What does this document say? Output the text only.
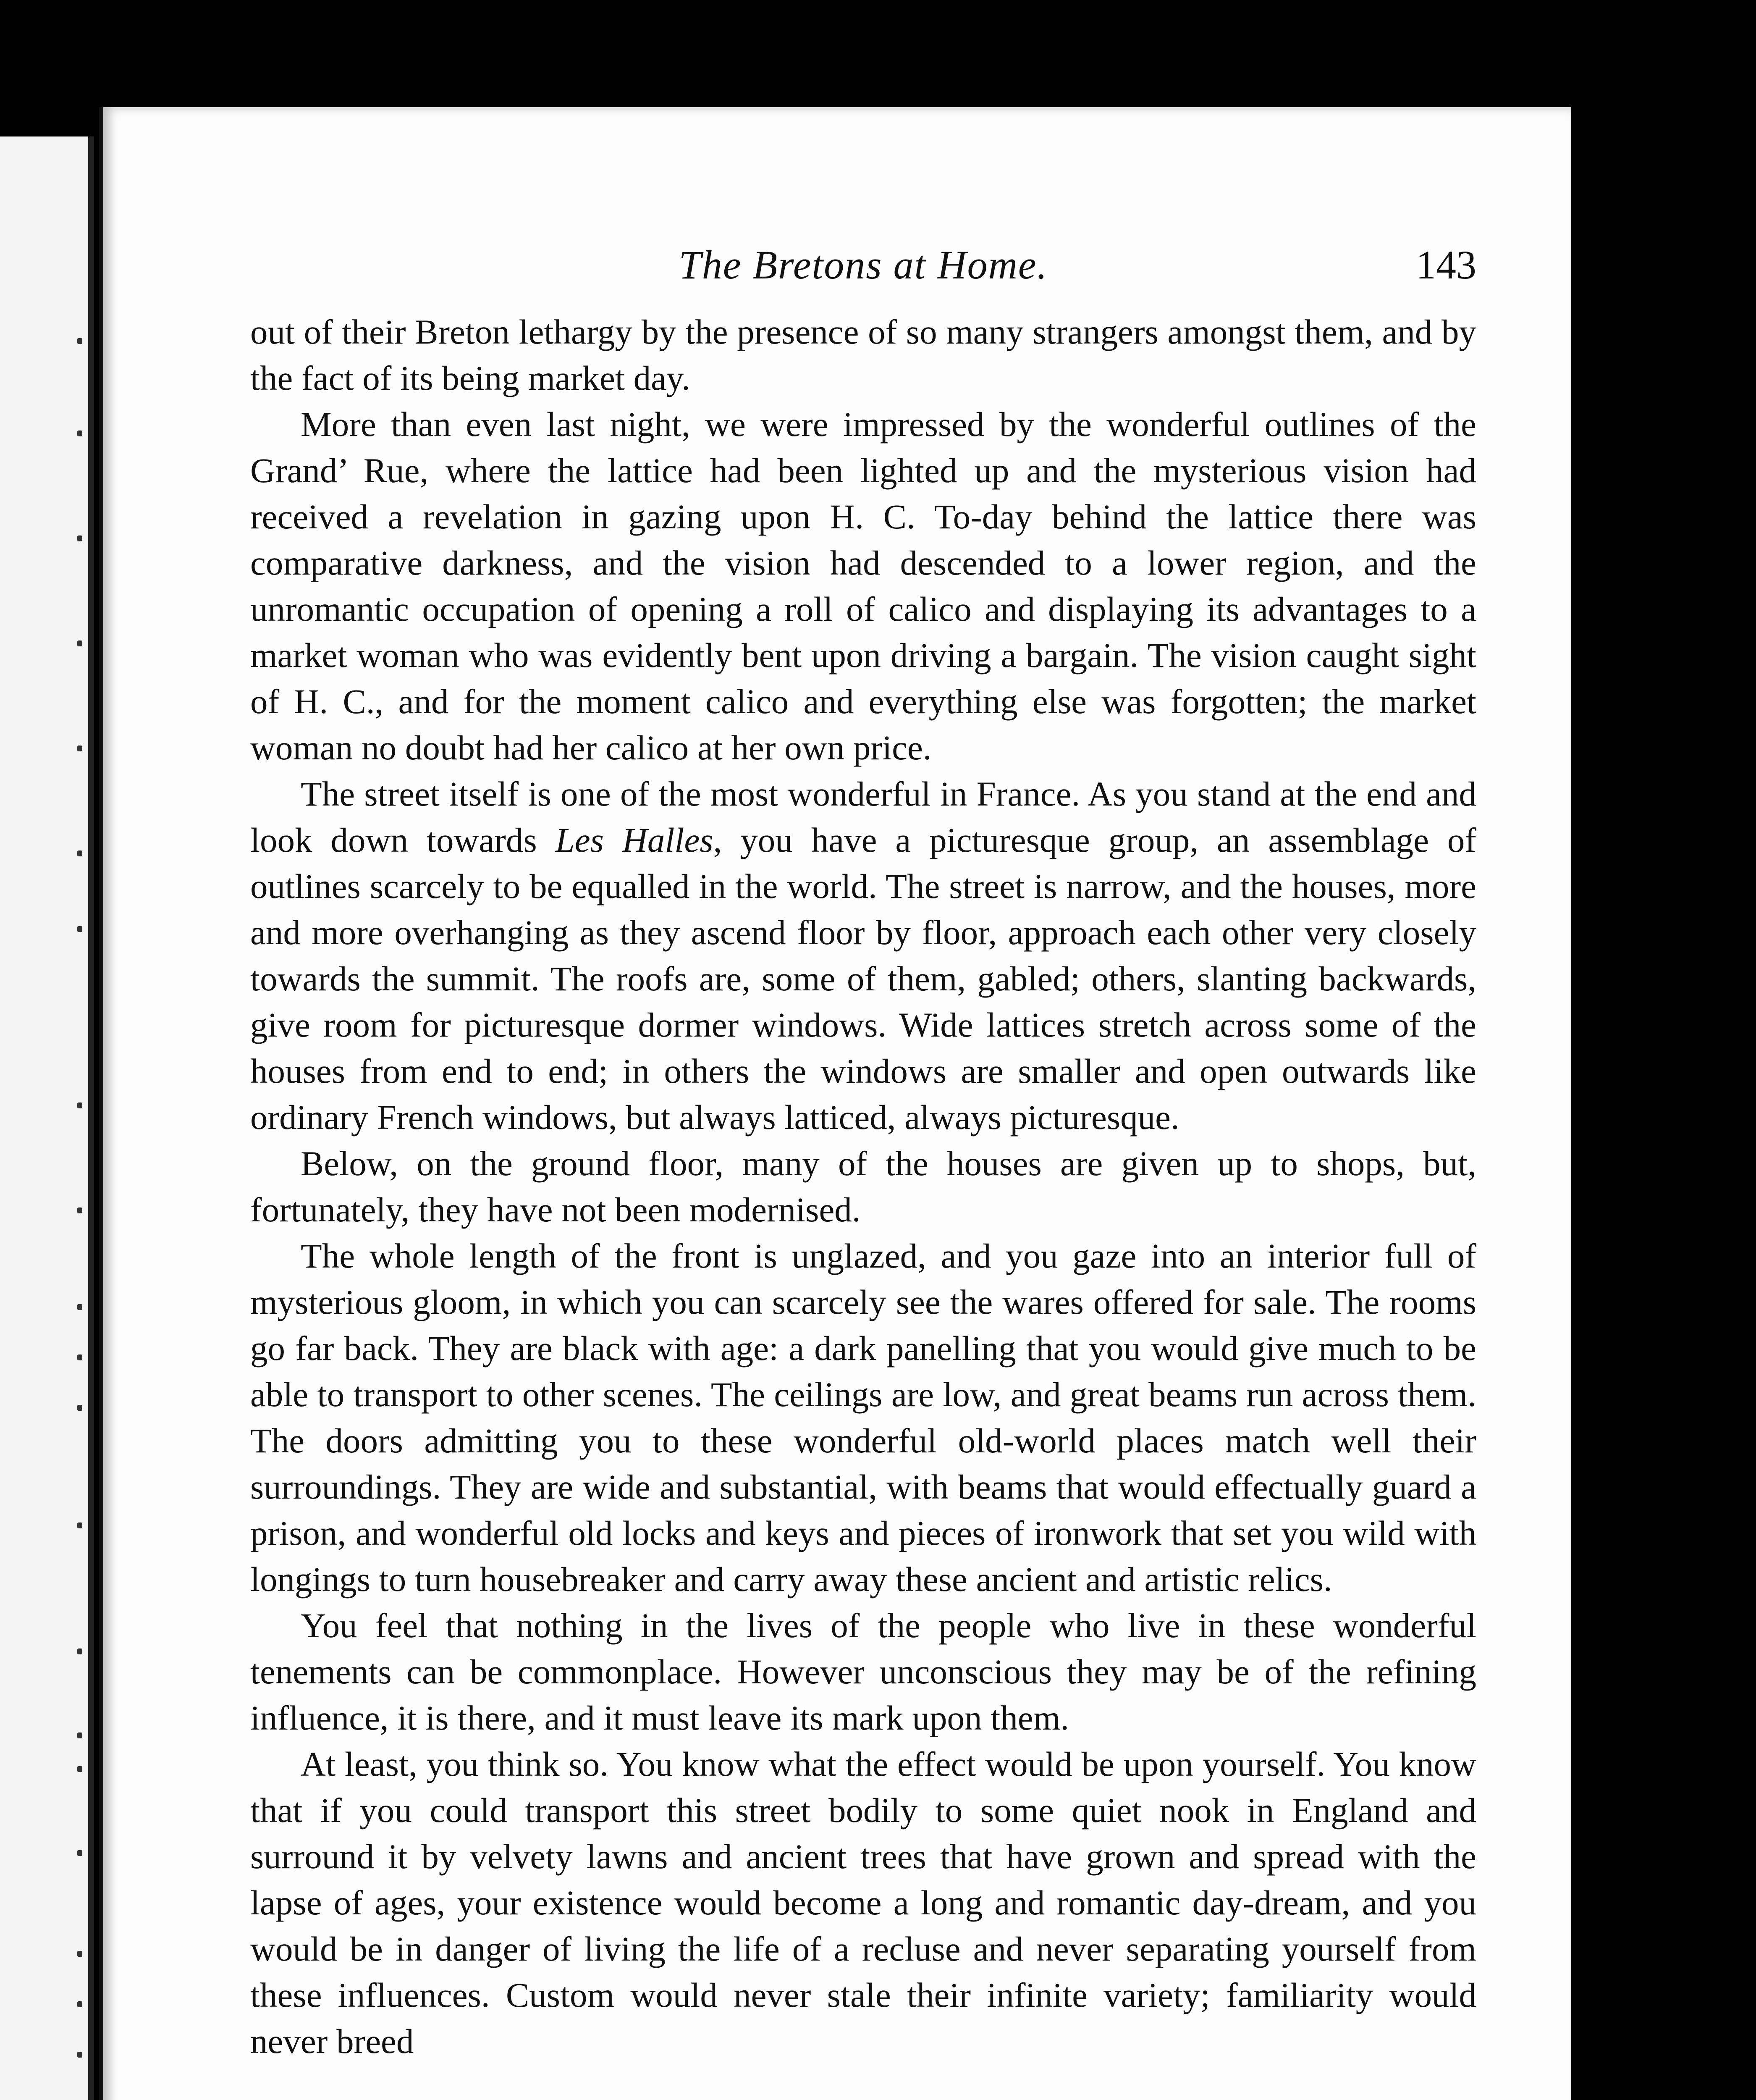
The Bretons at Home.	143

out of their Breton lethargy by the presence of so many strangers amongst them, and by the fact of its being market day.

More than even last night, we were impressed by the wonderful outlines of the Grand’ Rue, where the lattice had been lighted up and the mysterious vision had received a revelation in gazing upon H. C. To-day behind the lattice there was comparative darkness, and the vision had descended to a lower region, and the unromantic occupation of opening a roll of calico and displaying its advantages to a market woman who was evidently bent upon driving a bargain. The vision caught sight of H. C., and for the moment calico and everything else was forgotten; the market woman no doubt had her calico at her own price.

The street itself is one of the most wonderful in France. As you stand at the end and look down towards Les Halles, you have a picturesque group, an assemblage of outlines scarcely to be equalled in the world. The street is narrow, and the houses, more and more overhanging as they ascend floor by floor, approach each other very closely towards the summit. The roofs are, some of them, gabled; others, slanting backwards, give room for picturesque dormer windows. Wide lattices stretch across some of the houses from end to end; in others the windows are smaller and open outwards like ordinary French windows, but always latticed, always picturesque.

Below, on the ground floor, many of the houses are given up to shops, but, fortunately, they have not been modernised.

The whole length of the front is unglazed, and you gaze into an interior full of mysterious gloom, in which you can scarcely see the wares offered for sale. The rooms go far back. They are black with age: a dark panelling that you would give much to be able to transport to other scenes. The ceilings are low, and great beams run across them. The doors admitting you to these wonderful old-world places match well their surroundings. They are wide and substantial, with beams that would effectually guard a prison, and wonderful old locks and keys and pieces of ironwork that set you wild with longings to turn housebreaker and carry away these ancient and artistic relics.

You feel that nothing in the lives of the people who live in these wonderful tenements can be commonplace. However unconscious they may be of the refining influence, it is there, and it must leave its mark upon them.

At least, you think so. You know what the effect would be upon yourself. You know that if you could transport this street bodily to some quiet nook in England and surround it by velvety lawns and ancient trees that have grown and spread with the lapse of ages, your existence would become a long and romantic day-dream, and you would be in danger of living the life of a recluse and never separating yourself from these influences. Custom would never stale their infinite variety; familiarity would never breed
